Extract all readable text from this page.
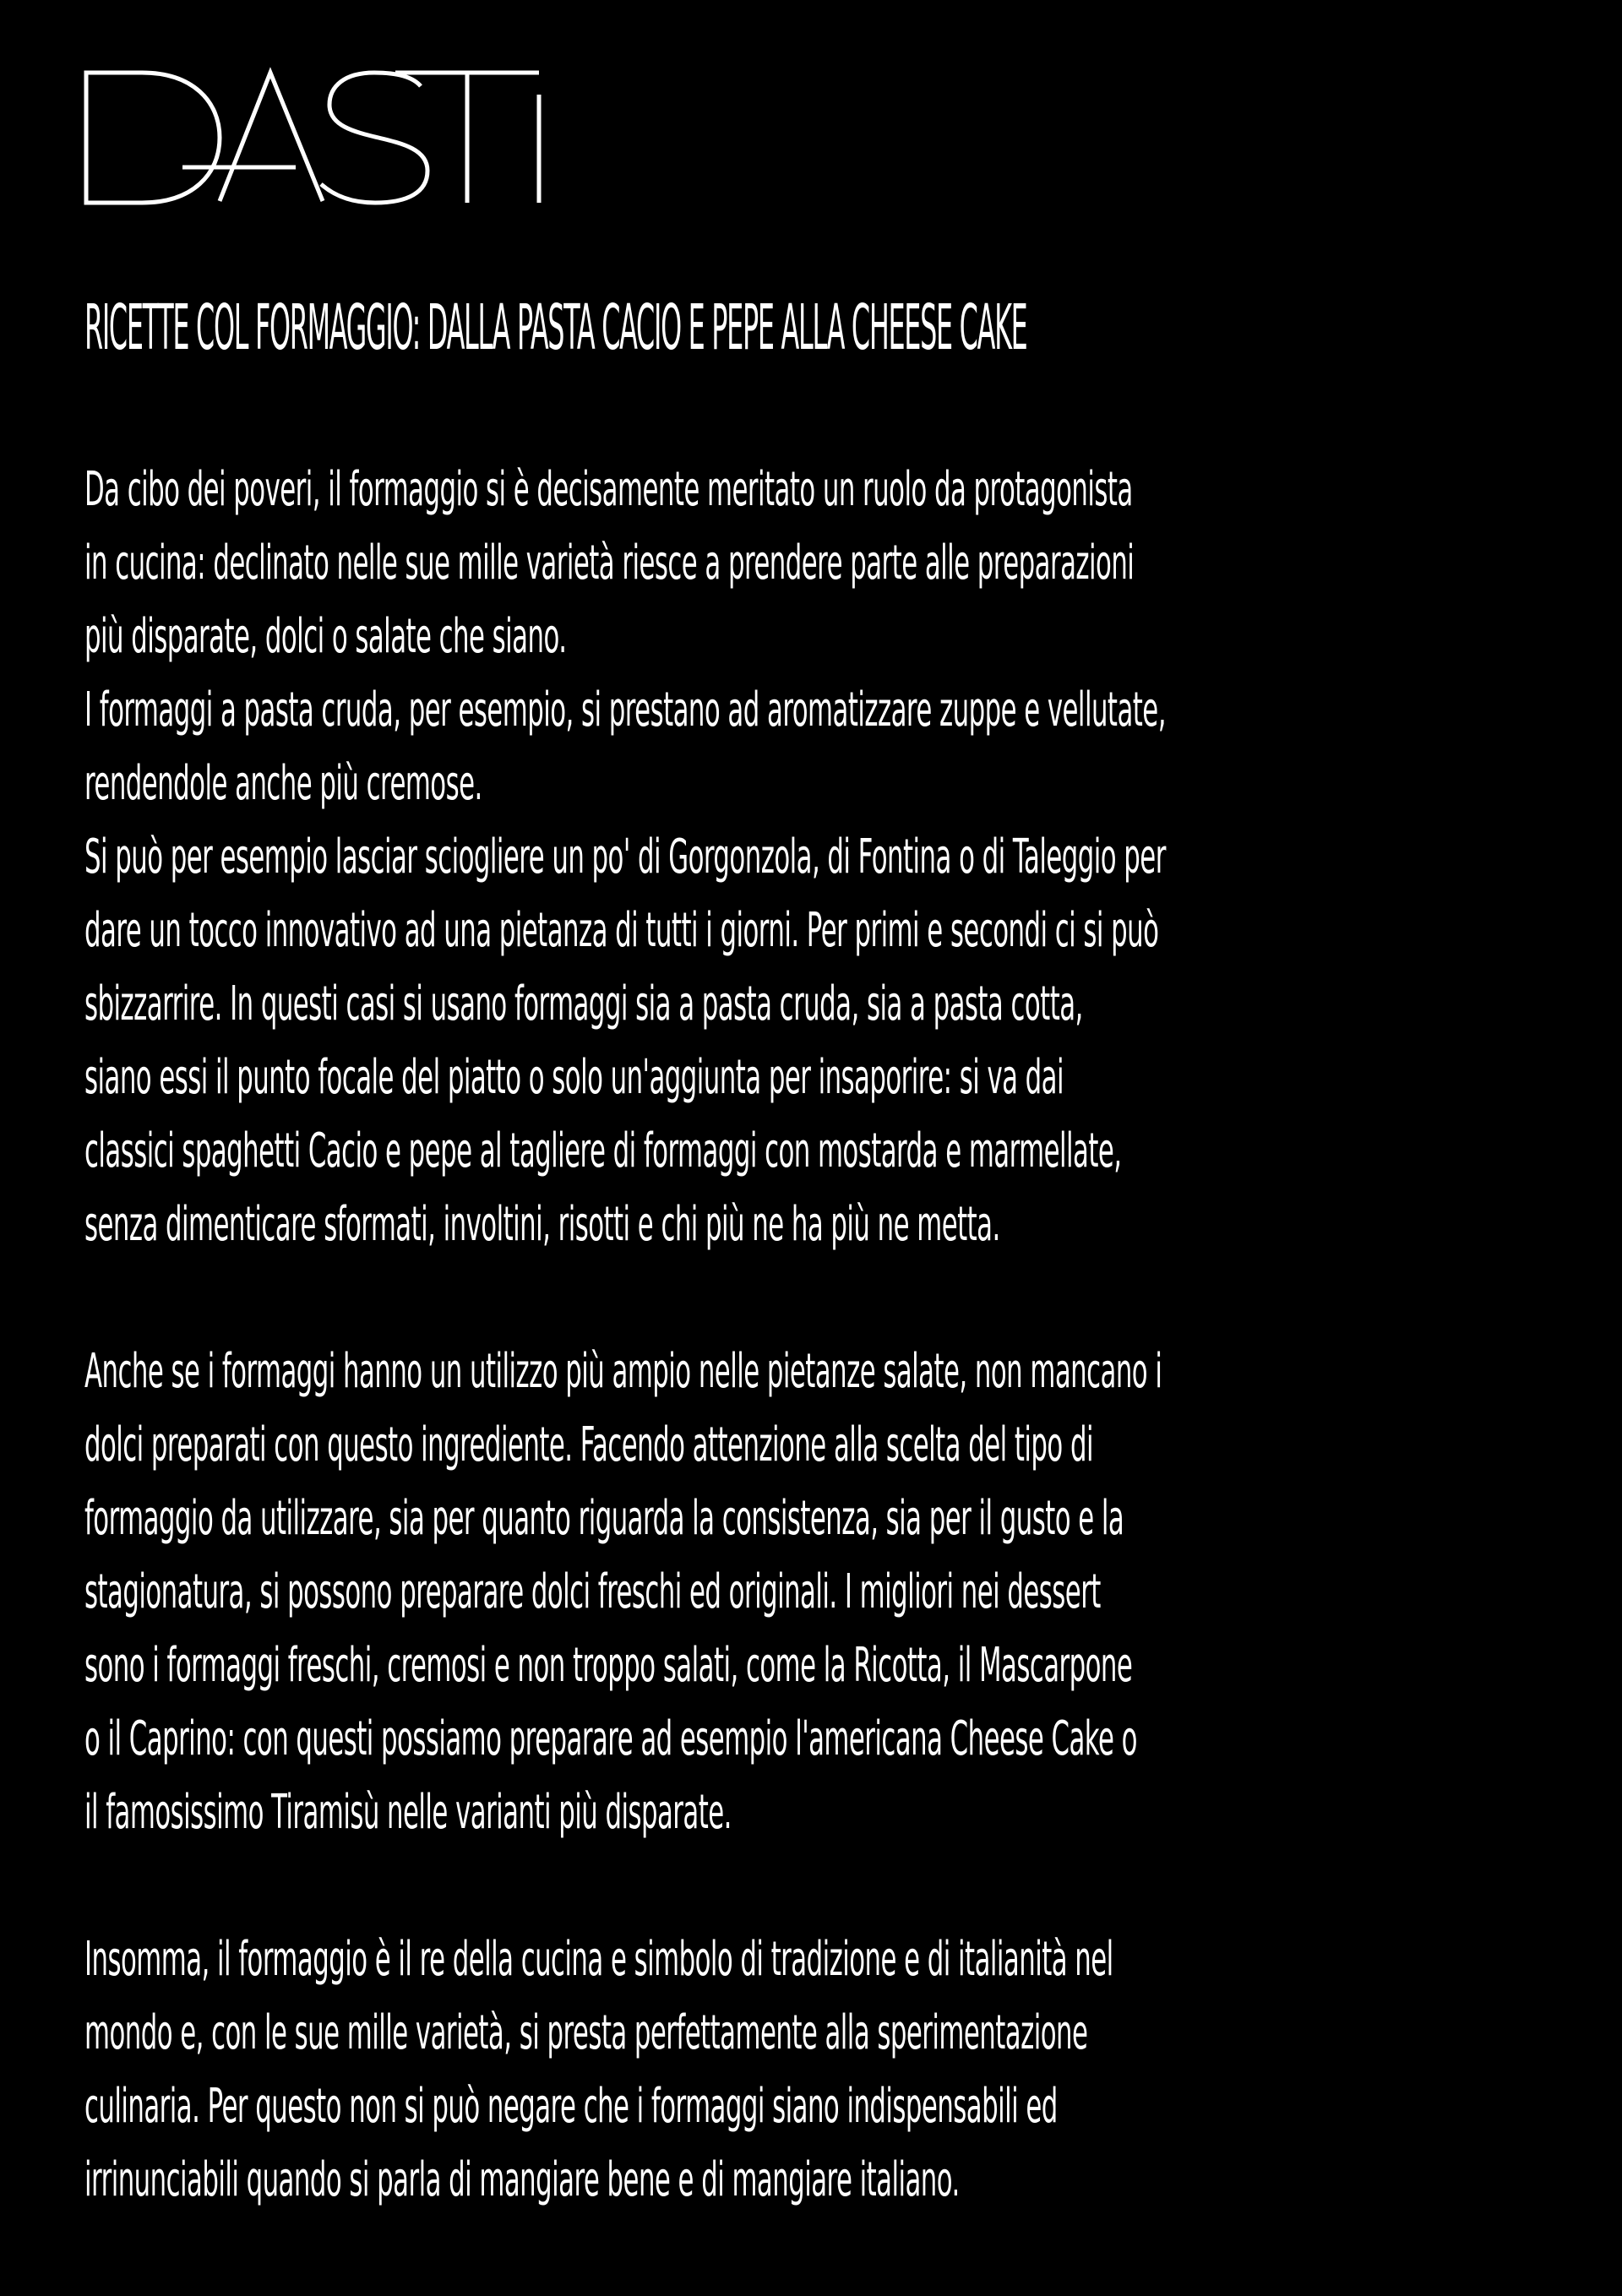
DASTI
RICETTE COL FORMAGGIO: DALLA PASTA CACIO E PEPE ALLA CHEESE CAKE

Da cibo dei poveri, il formaggio si è decisamente meritato un ruolo da protagonista
in cucina: declinato nelle sue mille varietà riesce a prendere parte alle preparazioni
più disparate, dolci o salate che siano.
I formaggi a pasta cruda, per esempio, si prestano ad aromatizzare zuppe e vellutate,
rendendole anche più cremose.
Si può per esempio lasciar sciogliere un po' di Gorgonzola, di Fontina o di Taleggio per
dare un tocco innovativo ad una pietanza di tutti i giorni. Per primi e secondi ci si può
sbizzarrire. In questi casi si usano formaggi sia a pasta cruda, sia a pasta cotta,
siano essi il punto focale del piatto o solo un'aggiunta per insaporire: si va dai
classici spaghetti Cacio e pepe al tagliere di formaggi con mostarda e marmellate,
senza dimenticare sformati, involtini, risotti e chi più ne ha più ne metta.

Anche se i formaggi hanno un utilizzo più ampio nelle pietanze salate, non mancano i
dolci preparati con questo ingrediente. Facendo attenzione alla scelta del tipo di
formaggio da utilizzare, sia per quanto riguarda la consistenza, sia per il gusto e la
stagionatura, si possono preparare dolci freschi ed originali. I migliori nei dessert
sono i formaggi freschi, cremosi e non troppo salati, come la Ricotta, il Mascarpone
o il Caprino: con questi possiamo preparare ad esempio l'americana Cheese Cake o
il famosissimo Tiramisù nelle varianti più disparate.

Insomma, il formaggio è il re della cucina e simbolo di tradizione e di italianità nel
mondo e, con le sue mille varietà, si presta perfettamente alla sperimentazione
culinaria. Per questo non si può negare che i formaggi siano indispensabili ed
irrinunciabili quando si parla di mangiare bene e di mangiare italiano.
